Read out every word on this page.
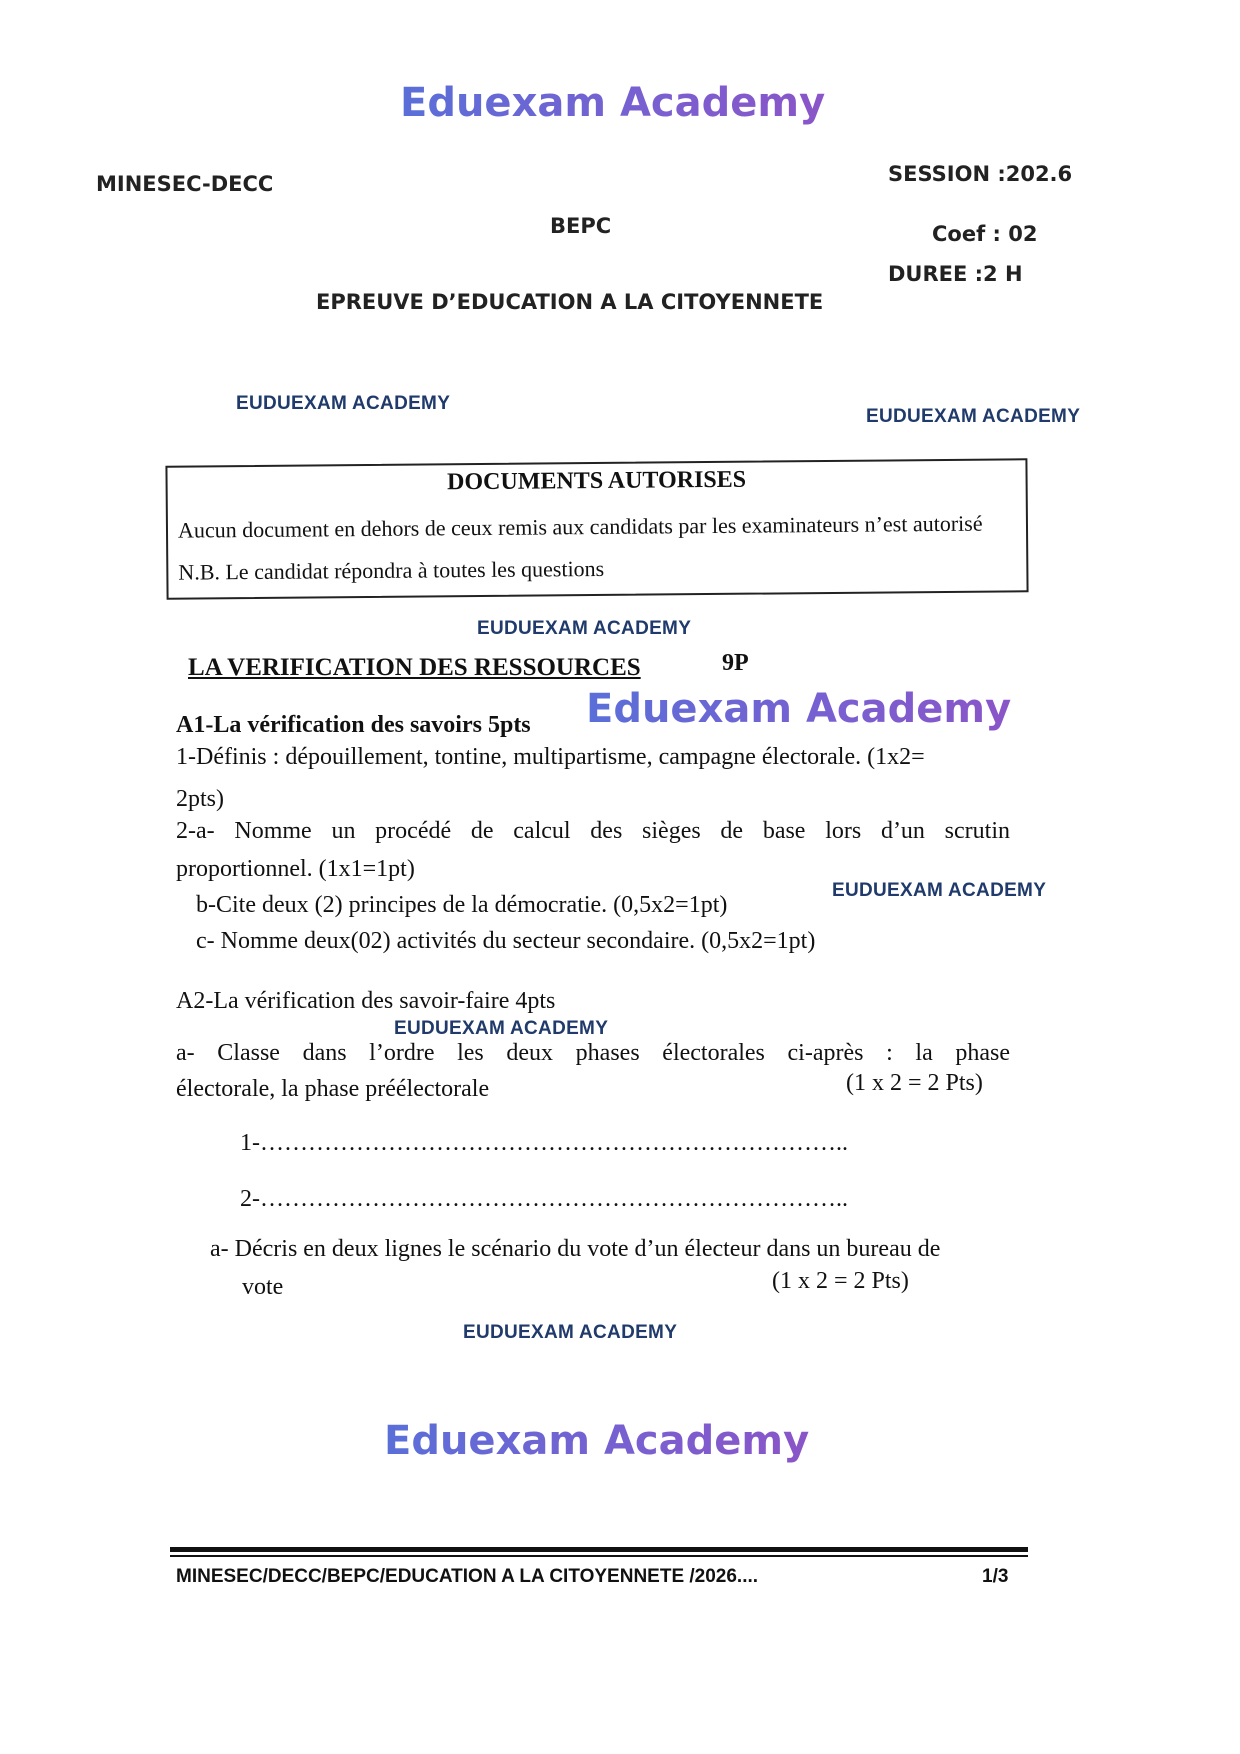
Eduexam Academy
MINESEC-DECC	SESSION :202.6
BEPC	Coef : 02
DUREE :2 H
EPREUVE D’EDUCATION A LA CITOYENNETE
EUDUEXAM ACADEMY
EUDUEXAM ACADEMY
DOCUMENTS AUTORISES
Aucun document en dehors de ceux remis aux candidats par les examinateurs n’est autorisé
N.B. Le candidat répondra à toutes les questions
EUDUEXAM ACADEMY
LA VERIFICATION DES RESSOURCES	9P
Eduexam Academy
A1-La vérification des savoirs 5pts
1-Définis : dépouillement, tontine, multipartisme, campagne électorale. (1x2=
2pts)
2-a- Nomme un procédé de calcul des sièges de base lors d’un scrutin
proportionnel. (1x1=1pt)
b-Cite deux (2) principes de la démocratie. (0,5x2=1pt)
EUDUEXAM ACADEMY
c- Nomme deux(02) activités du secteur secondaire. (0,5x2=1pt)
A2-La vérification des savoir-faire 4pts
EUDUEXAM ACADEMY
a- Classe dans l’ordre les deux phases électorales ci-après : la phase
électorale, la phase préélectorale	(1 x 2 = 2 Pts)
1-………………………………………………………………..
2-………………………………………………………………..
a- Décris en deux lignes le scénario du vote d’un électeur dans un bureau de
vote	(1 x 2 = 2 Pts)
EUDUEXAM ACADEMY
Eduexam Academy
MINESEC/DECC/BEPC/EDUCATION A LA CITOYENNETE /2026....	1/3
